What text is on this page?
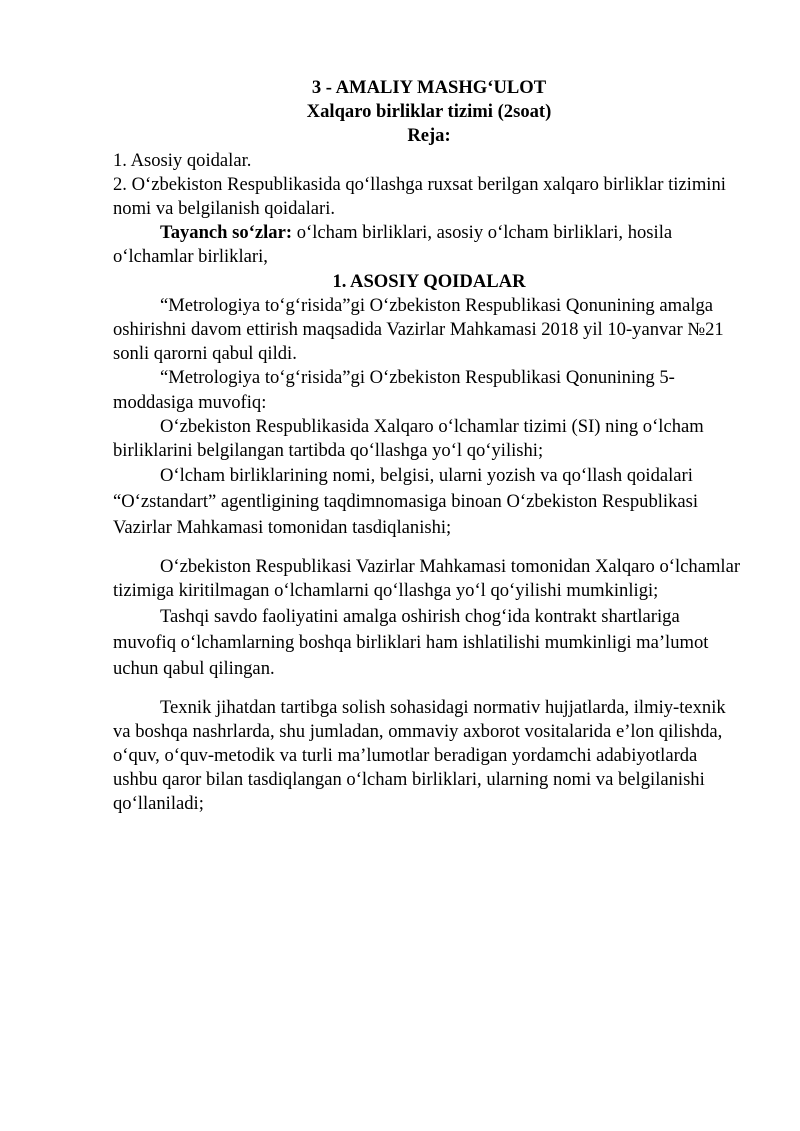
3 - AMALIY MASHG‘ULOT

Xalqaro birliklar tizimi (2soat)

Reja:

1. Asosiy qoidalar.

2. O‘zbekiston Respublikasida qo‘llashga ruxsat berilgan xalqaro birliklar tizimini nomi va belgilanish qoidalari.

Tayanch so‘zlar: o‘lcham birliklari, asosiy o‘lcham birliklari, hosila o‘lchamlar birliklari,

1. ASOSIY QOIDALAR

“Metrologiya to‘g‘risida”gi O‘zbekiston Respublikasi Qonunining amalga oshirishni davom ettirish maqsadida Vazirlar Mahkamasi 2018 yil 10-yanvar №21 sonli qarorni qabul qildi.

“Metrologiya to‘g‘risida”gi O‘zbekiston Respublikasi Qonunining 5-moddasiga muvofiq:

O‘zbekiston Respublikasida Xalqaro o‘lchamlar tizimi (SI) ning o‘lcham birliklarini belgilangan tartibda qo‘llashga yo‘l qo‘yilishi;

O‘lcham birliklarining nomi, belgisi, ularni yozish va qo‘llash qoidalari “O‘zstandart” agentligining taqdimnomasiga binoan O‘zbekiston Respublikasi Vazirlar Mahkamasi tomonidan tasdiqlanishi;

O‘zbekiston Respublikasi Vazirlar Mahkamasi tomonidan Xalqaro o‘lchamlar tizimiga kiritilmagan o‘lchamlarni qo‘llashga yo‘l qo‘yilishi mumkinligi;

Tashqi savdo faoliyatini amalga oshirish chog‘ida kontrakt shartlariga muvofiq o‘lchamlarning boshqa birliklari ham ishlatilishi mumkinligi ma’lumot uchun qabul qilingan.

Texnik jihatdan tartibga solish sohasidagi normativ hujjatlarda, ilmiy-texnik va boshqa nashrlarda, shu jumladan, ommaviy axborot vositalarida e’lon qilishda, o‘quv, o‘quv-metodik va turli ma’lumotlar beradigan yordamchi adabiyotlarda ushbu qaror bilan tasdiqlangan o‘lcham birliklari, ularning nomi va belgilanishi qo‘llaniladi;
